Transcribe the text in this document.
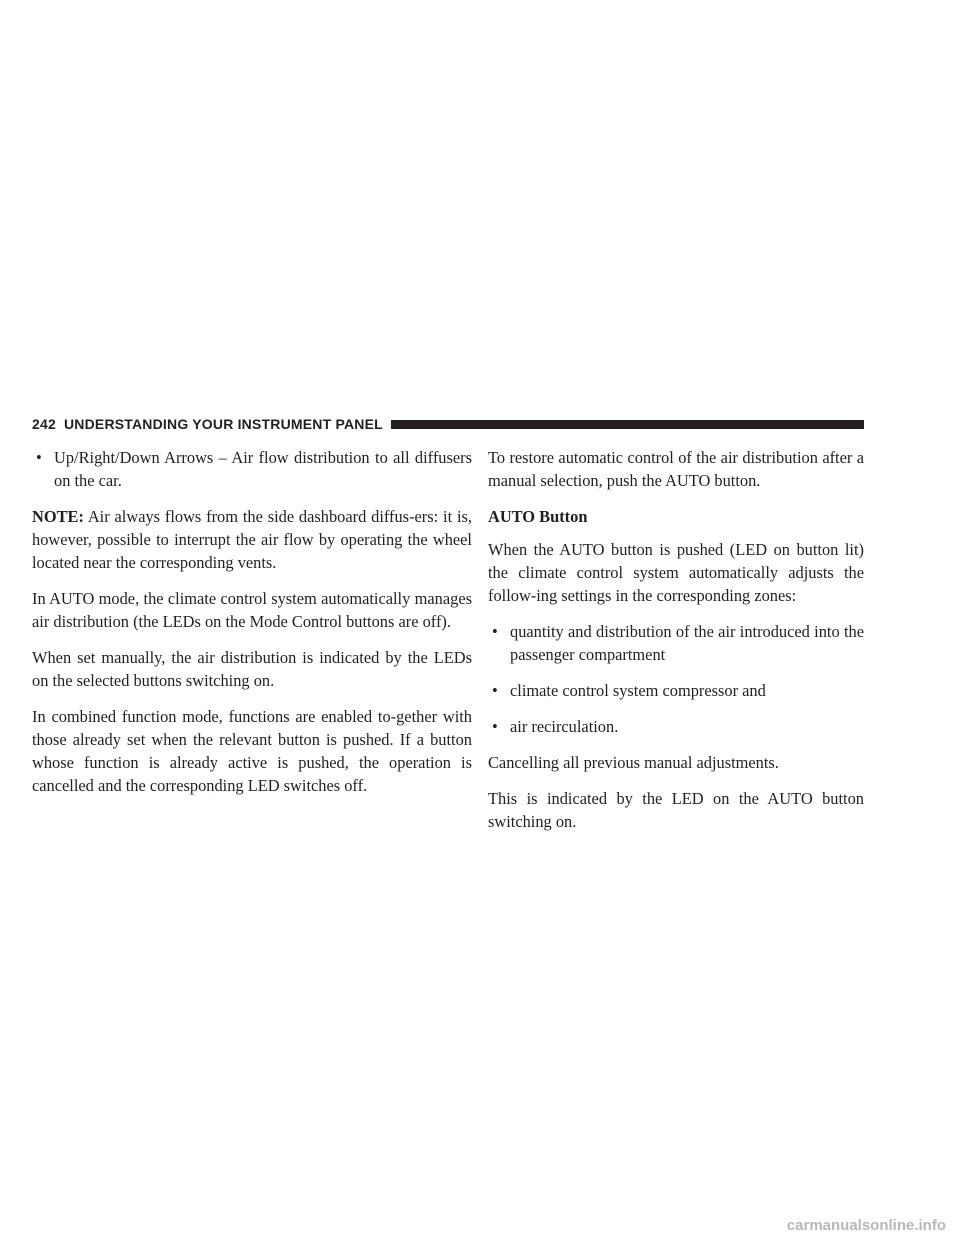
242 UNDERSTANDING YOUR INSTRUMENT PANEL
• Up/Right/Down Arrows – Air flow distribution to all diffusers on the car.

NOTE: Air always flows from the side dashboard diffus-ers: it is, however, possible to interrupt the air flow by operating the wheel located near the corresponding vents.

In AUTO mode, the climate control system automatically manages air distribution (the LEDs on the Mode Control buttons are off).

When set manually, the air distribution is indicated by the LEDs on the selected buttons switching on.

In combined function mode, functions are enabled to-gether with those already set when the relevant button is pushed. If a button whose function is already active is pushed, the operation is cancelled and the corresponding LED switches off.

To restore automatic control of the air distribution after a manual selection, push the AUTO button.

AUTO Button

When the AUTO button is pushed (LED on button lit) the climate control system automatically adjusts the follow-ing settings in the corresponding zones:

• quantity and distribution of the air introduced into the passenger compartment
• climate control system compressor and
• air recirculation.

Cancelling all previous manual adjustments.

This is indicated by the LED on the AUTO button switching on.

carmanualsonline.info
